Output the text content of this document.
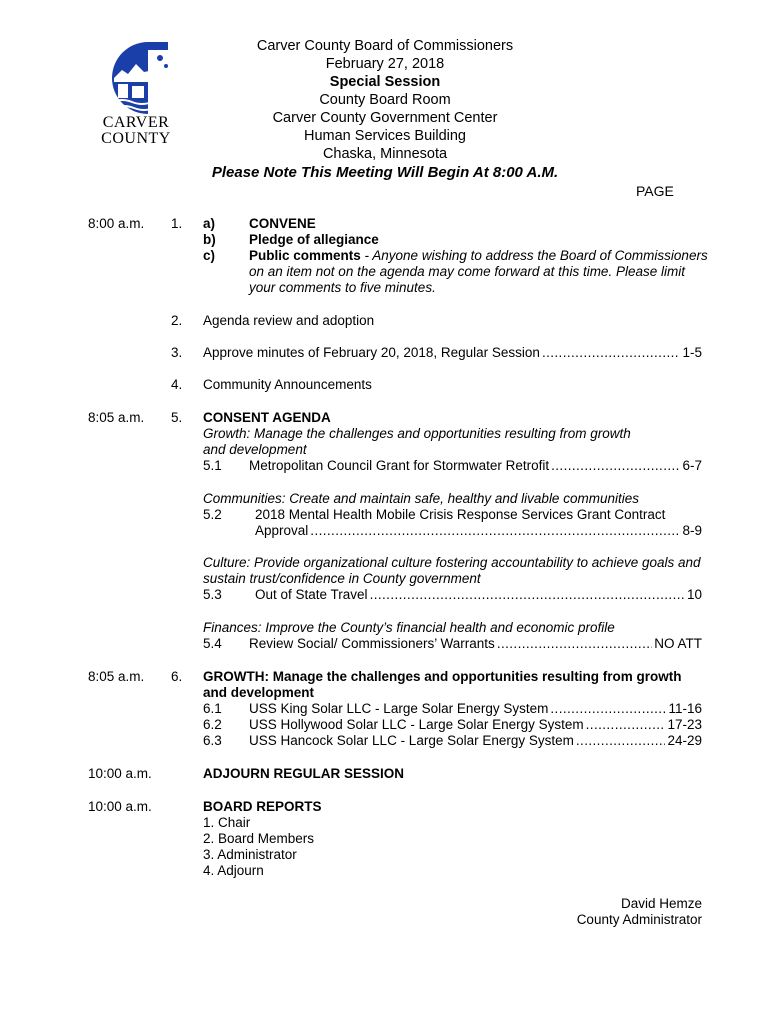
CARVER
COUNTY
Carver County Board of Commissioners
February 27, 2018
Special Session
County Board Room
Carver County Government Center
Human Services Building
Chaska, Minnesota
Please Note This Meeting Will Begin At 8:00 A.M.
PAGE
8:00 a.m. 1. a)	CONVENE
b) Pledge of allegiance
c)	Public comments - Anyone wishing to address the Board of Commissioners
on an item not on the agenda may come forward at this time. Please limit
your comments to five minutes.
2. Agenda review and adoption
3. Approve minutes of February 20, 2018, Regular Session .....	1-5
4. Community Announcements
8:05 a.m. 5. CONSENT AGENDA
Growth: Manage the challenges and opportunities resulting from growth
and development
5.1 Metropolitan Council Grant for Stormwater Retrofit .....	6-7
Communities: Create and maintain safe, healthy and livable communities
5.2 2018 Mental Health Mobile Crisis Response Services Grant Contract
Approval .....	8-9
Culture: Provide organizational culture fostering accountability to achieve goals and
sustain trust/confidence in County government
5.3 Out of State Travel .....	10
Finances: Improve the County’s financial health and economic profile
5.4 Review Social/ Commissioners’ Warrants .....	NO ATT
8:05 a.m. 6. GROWTH: Manage the challenges and opportunities resulting from growth
and development
6.1 USS King Solar LLC - Large Solar Energy System .....	11-16
6.2 USS Hollywood Solar LLC - Large Solar Energy System .....	17-23
6.3 USS Hancock Solar LLC - Large Solar Energy System .....	24-29
10:00 a.m.	ADJOURN REGULAR SESSION
10:00 a.m.	BOARD REPORTS
1. Chair
2. Board Members
3. Administrator
4. Adjourn
David Hemze
County Administrator
